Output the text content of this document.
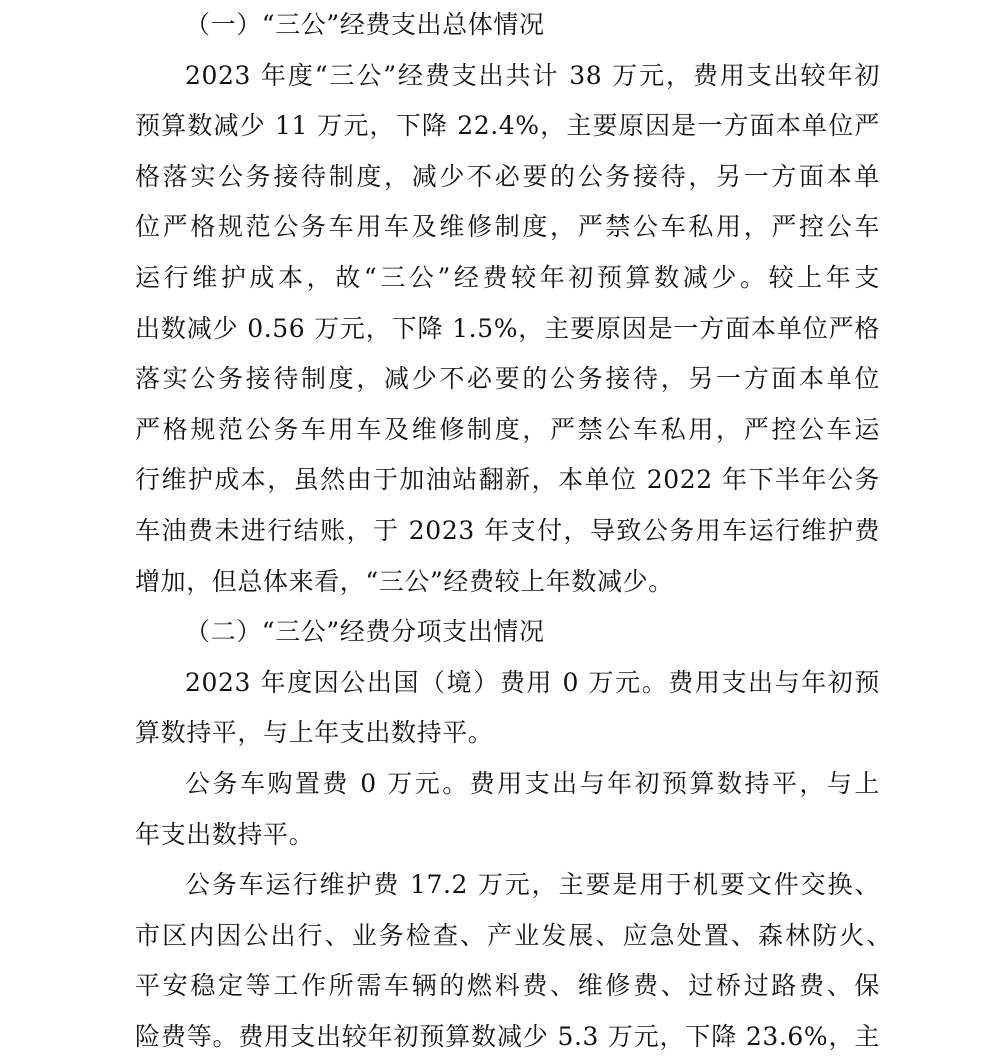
（一）“三公”经费支出总体情况
2023 年度“三公”经费支出共计 38 万元，费用支出较年初
预算数减少 11 万元，下降 22.4%，主要原因是一方面本单位严
格落实公务接待制度，减少不必要的公务接待，另一方面本单
位严格规范公务车用车及维修制度，严禁公车私用，严控公车
运行维护成本，故“三公”经费较年初预算数减少。较上年支
出数减少 0.56 万元，下降 1.5%，主要原因是一方面本单位严格
落实公务接待制度，减少不必要的公务接待，另一方面本单位
严格规范公务车用车及维修制度，严禁公车私用，严控公车运
行维护成本，虽然由于加油站翻新，本单位 2022 年下半年公务
车油费未进行结账，于 2023 年支付，导致公务用车运行维护费
增加，但总体来看，“三公”经费较上年数减少。
（二）“三公”经费分项支出情况
2023 年度因公出国（境）费用 0 万元。费用支出与年初预
算数持平，与上年支出数持平。
公务车购置费 0 万元。费用支出与年初预算数持平，与上
年支出数持平。
公务车运行维护费 17.2 万元，主要是用于机要文件交换、
市区内因公出行、业务检查、产业发展、应急处置、森林防火、
平安稳定等工作所需车辆的燃料费、维修费、过桥过路费、保
险费等。费用支出较年初预算数减少 5.3 万元，下降 23.6%，主
